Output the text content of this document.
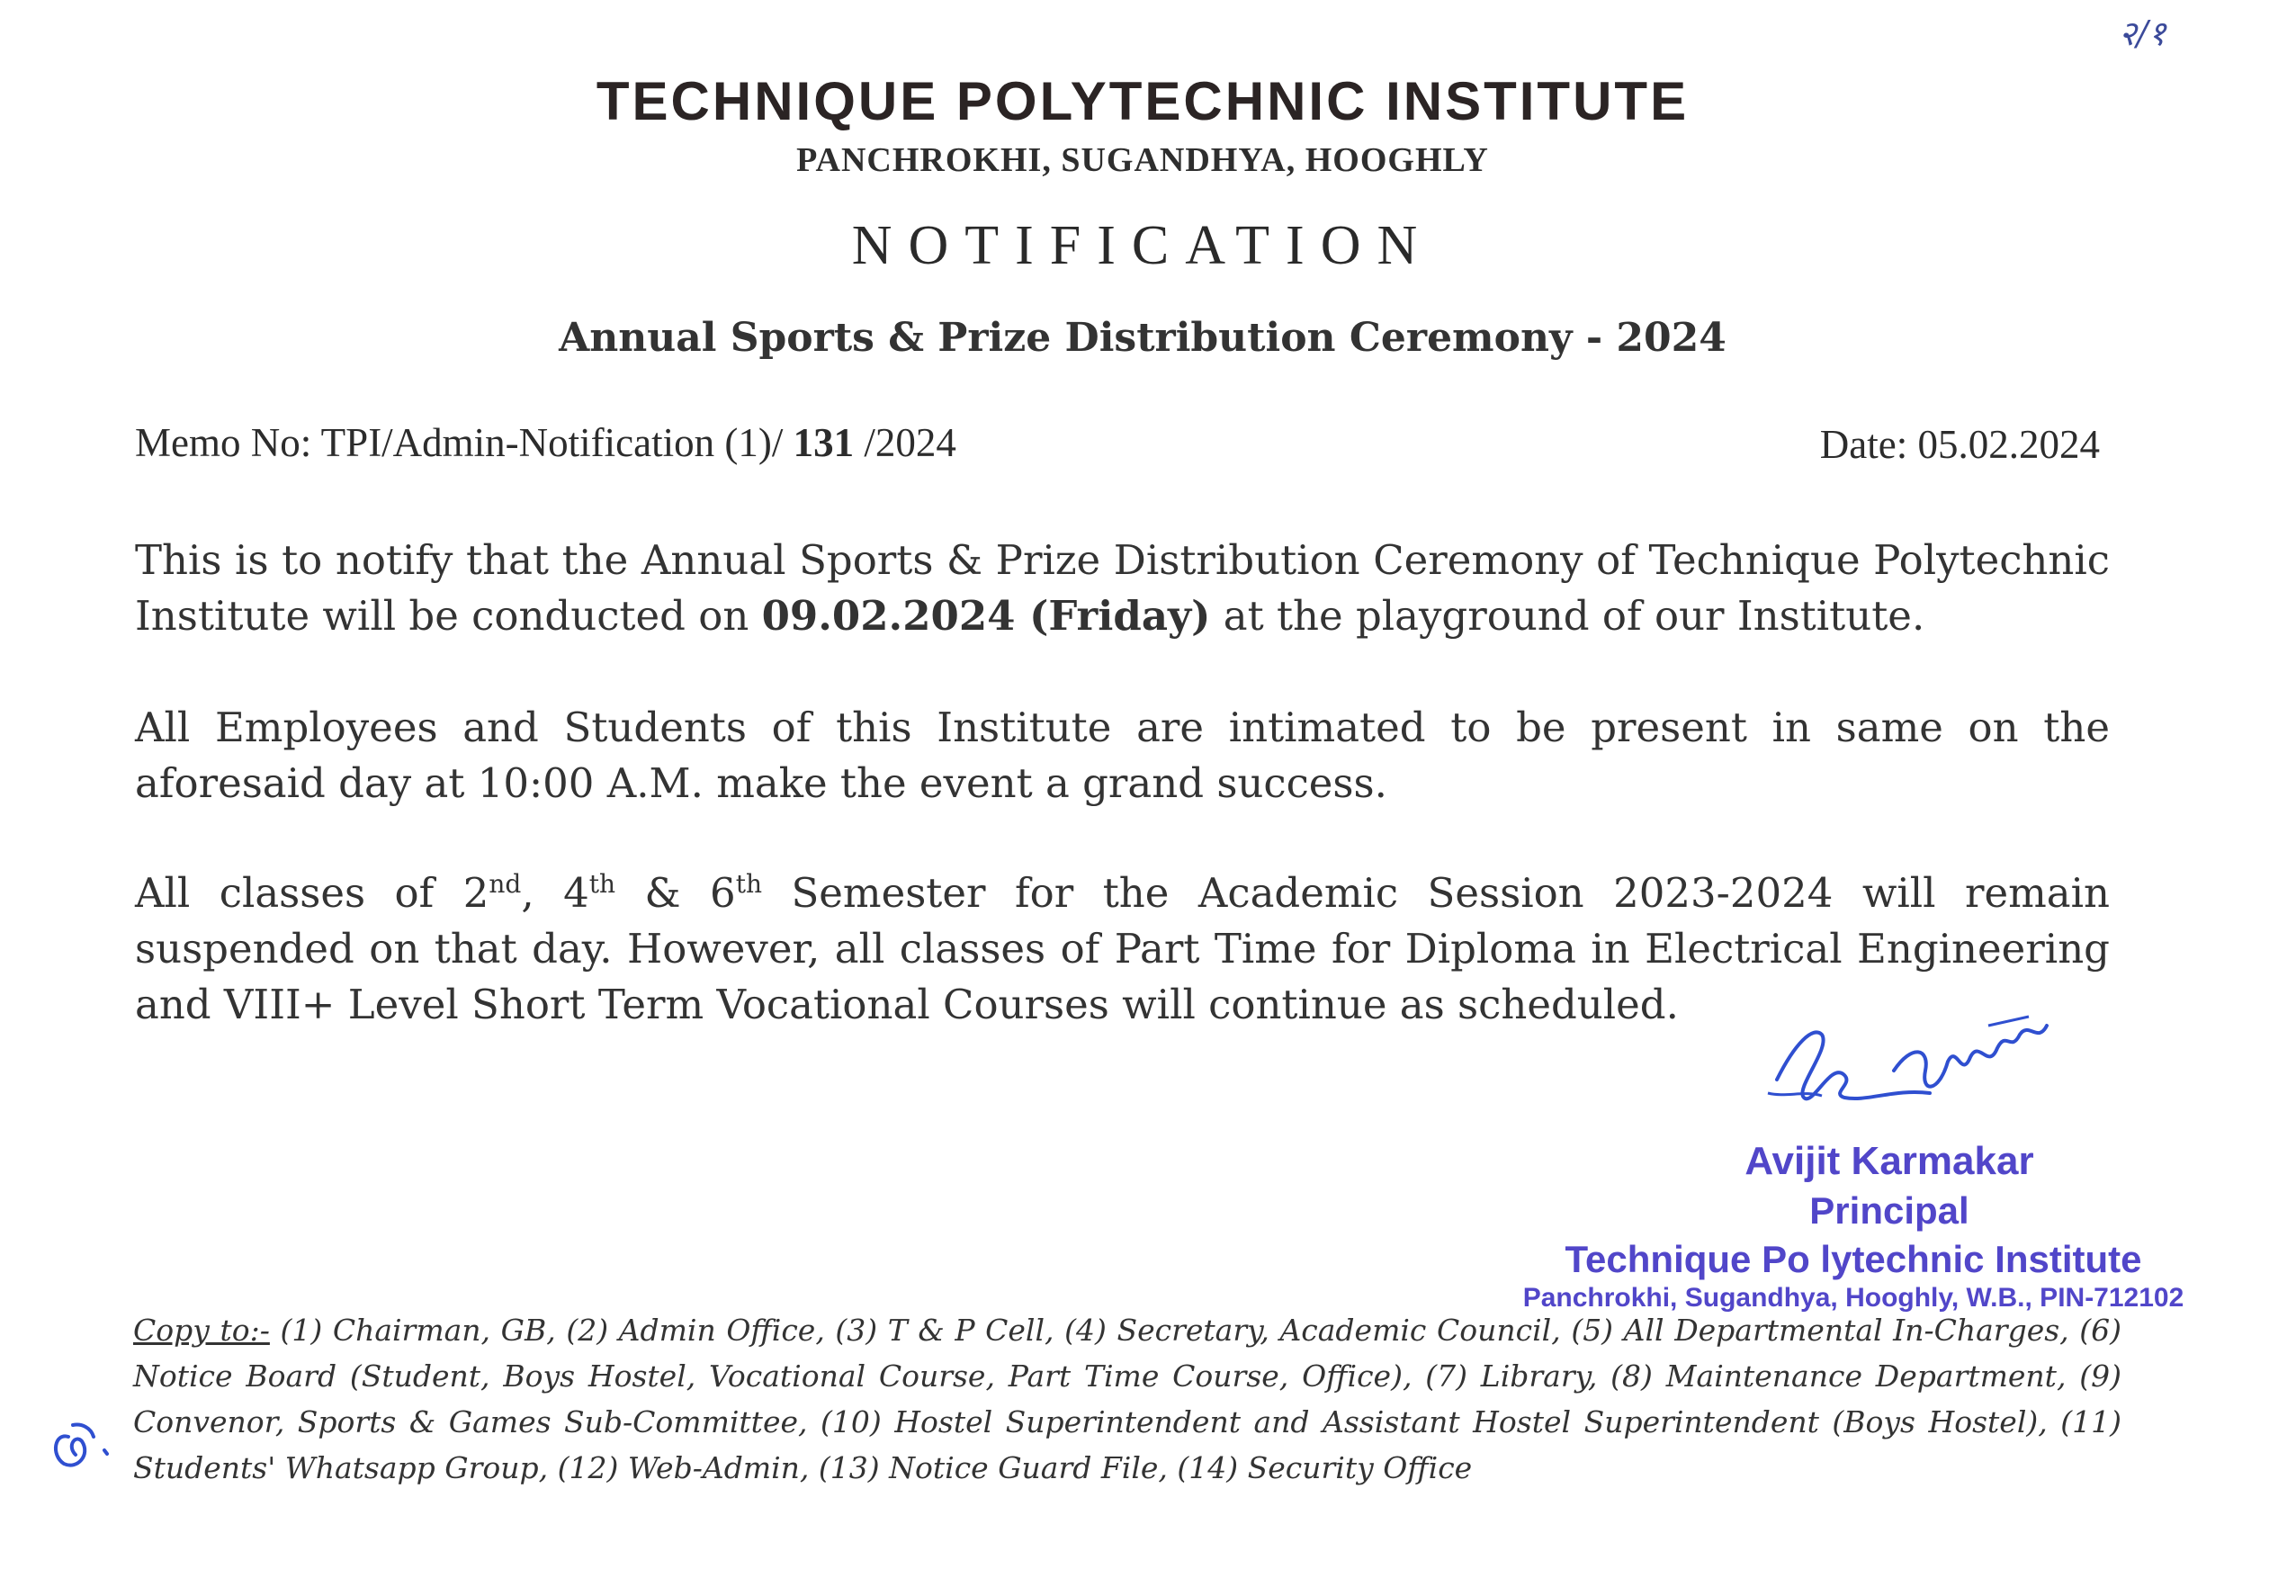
२/१
TECHNIQUE POLYTECHNIC INSTITUTE
PANCHROKHI, SUGANDHYA, HOOGHLY
NOTIFICATION
Annual Sports & Prize Distribution Ceremony - 2024
Memo No: TPI/Admin-Notification (1)/ 131 /2024	Date: 05.02.2024
This is to notify that the Annual Sports & Prize Distribution Ceremony of Technique Polytechnic Institute will be conducted on 09.02.2024 (Friday) at the playground of our Institute.
All Employees and Students of this Institute are intimated to be present in same on the aforesaid day at 10:00 A.M. make the event a grand success.
All classes of 2nd, 4th & 6th Semester for the Academic Session 2023-2024 will remain suspended on that day. However, all classes of Part Time for Diploma in Electrical Engineering and VIII+ Level Short Term Vocational Courses will continue as scheduled.
Avijit Karmakar
Principal
Technique Po lytechnic Institute
Panchrokhi, Sugandhya, Hooghly, W.B., PIN-712102
Copy to:- (1) Chairman, GB, (2) Admin Office, (3) T & P Cell, (4) Secretary, Academic Council, (5) All Departmental In-Charges, (6) Notice Board (Student, Boys Hostel, Vocational Course, Part Time Course, Office), (7) Library, (8) Maintenance Department, (9) Convenor, Sports & Games Sub-Committee, (10) Hostel Superintendent and Assistant Hostel Superintendent (Boys Hostel), (11) Students' Whatsapp Group, (12) Web-Admin, (13) Notice Guard File, (14) Security Office
